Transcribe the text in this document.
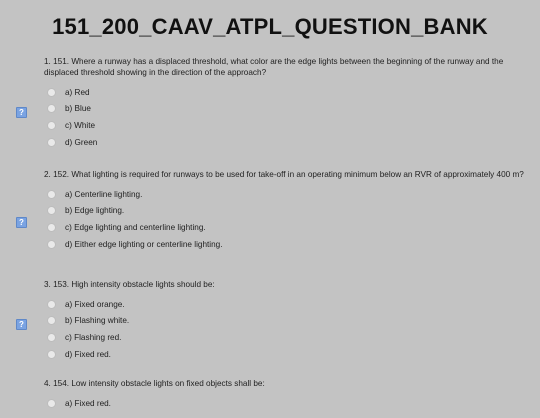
151_200_CAAV_ATPL_QUESTION_BANK
1. 151. Where a runway has a displaced threshold, what color are the edge lights between the beginning of the runway and the displaced threshold showing in the direction of the approach?
?
a) Red
b) Blue
c) White
d) Green
2. 152. What lighting is required for runways to be used for take-off in an operating minimum below an RVR of approximately 400 m?
?
a) Centerline lighting.
b) Edge lighting.
c) Edge lighting and centerline lighting.
d) Either edge lighting or centerline lighting.
3. 153. High intensity obstacle lights should be:
?
a) Fixed orange.
b) Flashing white.
c) Flashing red.
d) Fixed red.
4. 154. Low intensity obstacle lights on fixed objects shall be:
a) Fixed red.
